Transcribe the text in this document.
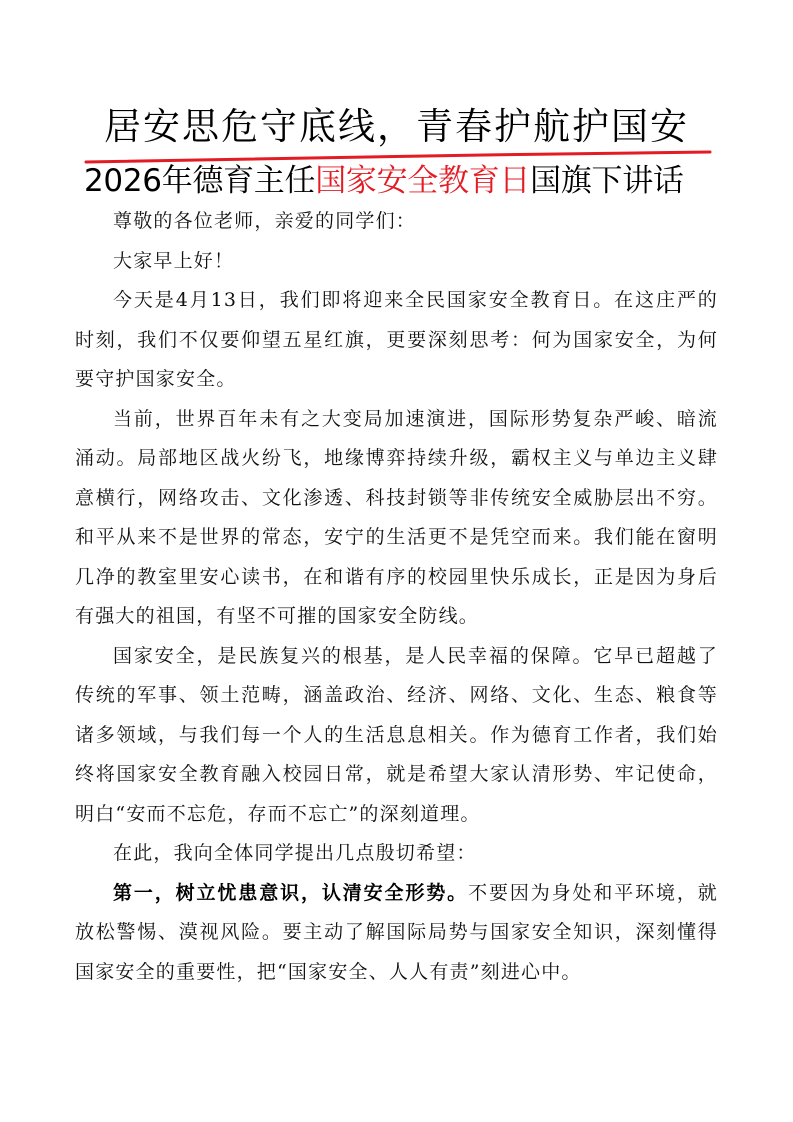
居安思危守底线，青春护航护国安
2026年德育主任国家安全教育日国旗下讲话

尊敬的各位老师，亲爱的同学们：

大家早上好！

今天是4月13日，我们即将迎来全民国家安全教育日。在这庄严的时刻，我们不仅要仰望五星红旗，更要深刻思考：何为国家安全，为何要守护国家安全。

当前，世界百年未有之大变局加速演进，国际形势复杂严峻、暗流涌动。局部地区战火纷飞，地缘博弈持续升级，霸权主义与单边主义肆意横行，网络攻击、文化渗透、科技封锁等非传统安全威胁层出不穷。和平从来不是世界的常态，安宁的生活更不是凭空而来。我们能在窗明几净的教室里安心读书，在和谐有序的校园里快乐成长，正是因为身后有强大的祖国，有坚不可摧的国家安全防线。

国家安全，是民族复兴的根基，是人民幸福的保障。它早已超越了传统的军事、领土范畴，涵盖政治、经济、网络、文化、生态、粮食等诸多领域，与我们每一个人的生活息息相关。作为德育工作者，我们始终将国家安全教育融入校园日常，就是希望大家认清形势、牢记使命，明白“安而不忘危，存而不忘亡”的深刻道理。

在此，我向全体同学提出几点殷切希望：

第一，树立忧患意识，认清安全形势。不要因为身处和平环境，就放松警惕、漠视风险。要主动了解国际局势与国家安全知识，深刻懂得国家安全的重要性，把“国家安全、人人有责”刻进心中。
